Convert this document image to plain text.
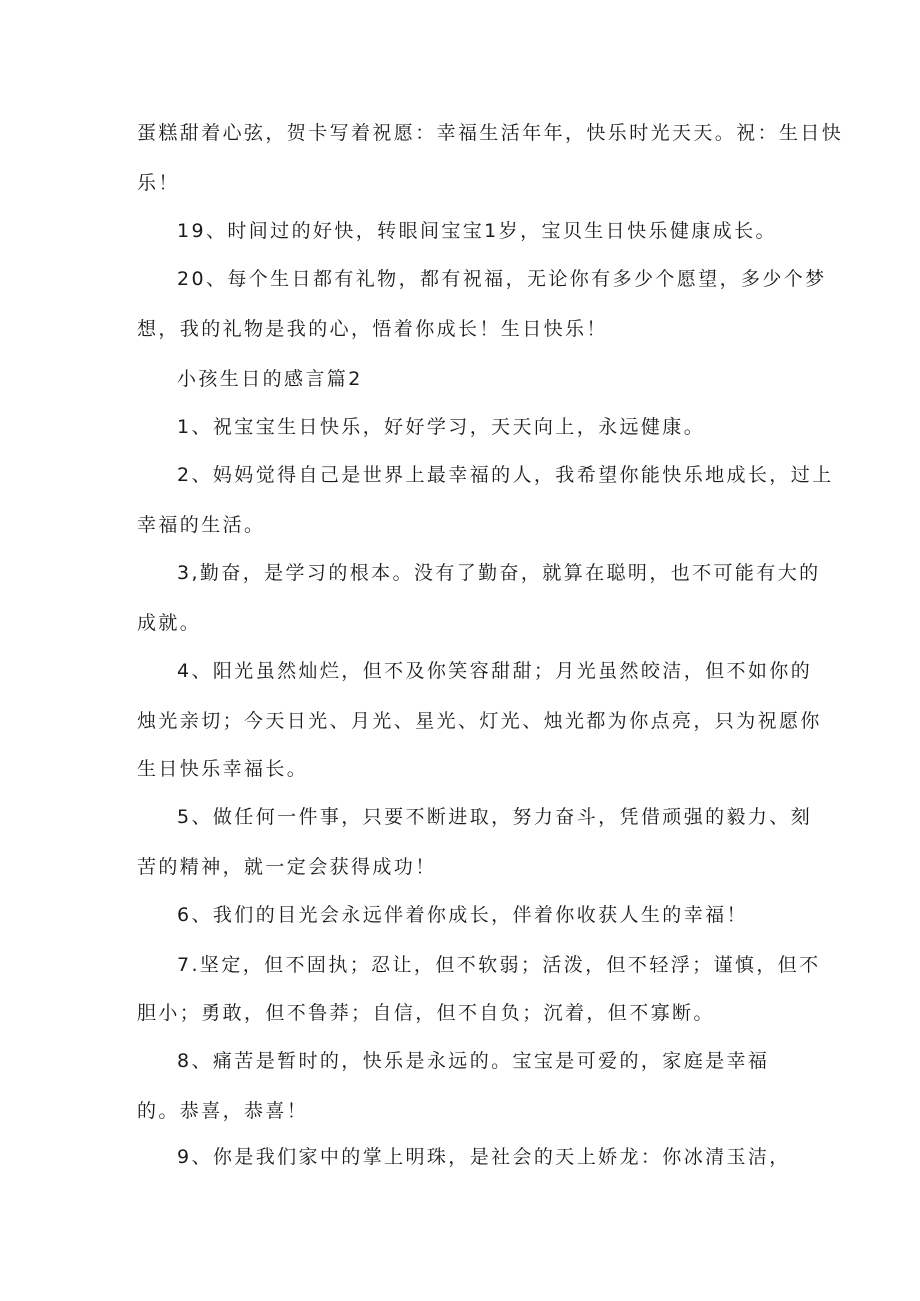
蛋糕甜着心弦，贺卡写着祝愿：幸福生活年年，快乐时光天天。祝：生日快
乐！
19、时间过的好快，转眼间宝宝1岁，宝贝生日快乐健康成长。
20、每个生日都有礼物，都有祝福，无论你有多少个愿望，多少个梦
想，我的礼物是我的心，悟着你成长！生日快乐！
小孩生日的感言篇2
1、祝宝宝生日快乐，好好学习，天天向上，永远健康。
2、妈妈觉得自己是世界上最幸福的人，我希望你能快乐地成长，过上
幸福的生活。
3,勤奋，是学习的根本。没有了勤奋，就算在聪明，也不可能有大的
成就。
4、阳光虽然灿烂，但不及你笑容甜甜；月光虽然皎洁，但不如你的
烛光亲切；今天日光、月光、星光、灯光、烛光都为你点亮，只为祝愿你
生日快乐幸福长。
5、做任何一件事，只要不断进取，努力奋斗，凭借顽强的毅力、刻
苦的精神，就一定会获得成功！
6、我们的目光会永远伴着你成长，伴着你收获人生的幸福！
7.坚定，但不固执；忍让，但不软弱；活泼，但不轻浮；谨慎，但不
胆小；勇敢，但不鲁莽；自信，但不自负；沉着，但不寡断。
8、痛苦是暂时的，快乐是永远的。宝宝是可爱的，家庭是幸福
的。恭喜，恭喜！
9、你是我们家中的掌上明珠，是社会的天上娇龙：你冰清玉洁，
